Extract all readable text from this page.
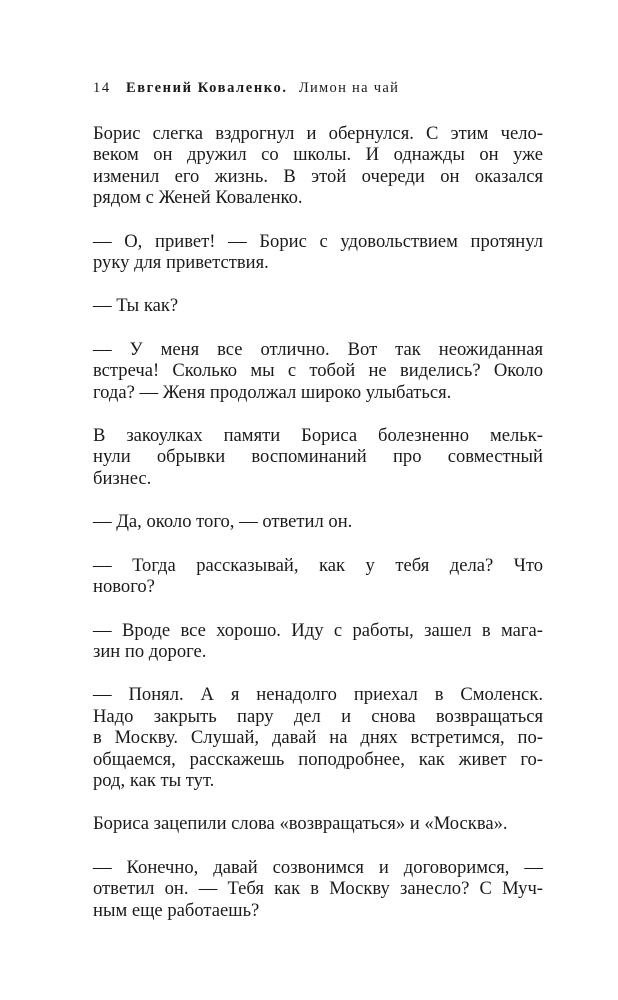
14 Евгений Коваленко. Лимон на чай

Борис слегка вздрогнул и обернулся. С этим чело-
веком он дружил со школы. И однажды он уже
изменил его жизнь. В этой очереди он оказался
рядом с Женей Коваленко.

— О, привет! — Борис с удовольствием протянул
руку для приветствия.

— Ты как?

— У меня все отлично. Вот так неожиданная
встреча! Сколько мы с тобой не виделись? Около
года? — Женя продолжал широко улыбаться.

В закоулках памяти Бориса болезненно мельк-
нули обрывки воспоминаний про совместный
бизнес.

— Да, около того, — ответил он.

— Тогда рассказывай, как у тебя дела? Что
нового?

— Вроде все хорошо. Иду с работы, зашел в мага-
зин по дороге.

— Понял. А я ненадолго приехал в Смоленск.
Надо закрыть пару дел и снова возвращаться
в Москву. Слушай, давай на днях встретимся, по-
общаемся, расскажешь поподробнее, как живет го-
род, как ты тут.

Бориса зацепили слова «возвращаться» и «Москва».

— Конечно, давай созвонимся и договоримся, —
ответил он. — Тебя как в Москву занесло? С Муч-
ным еще работаешь?
